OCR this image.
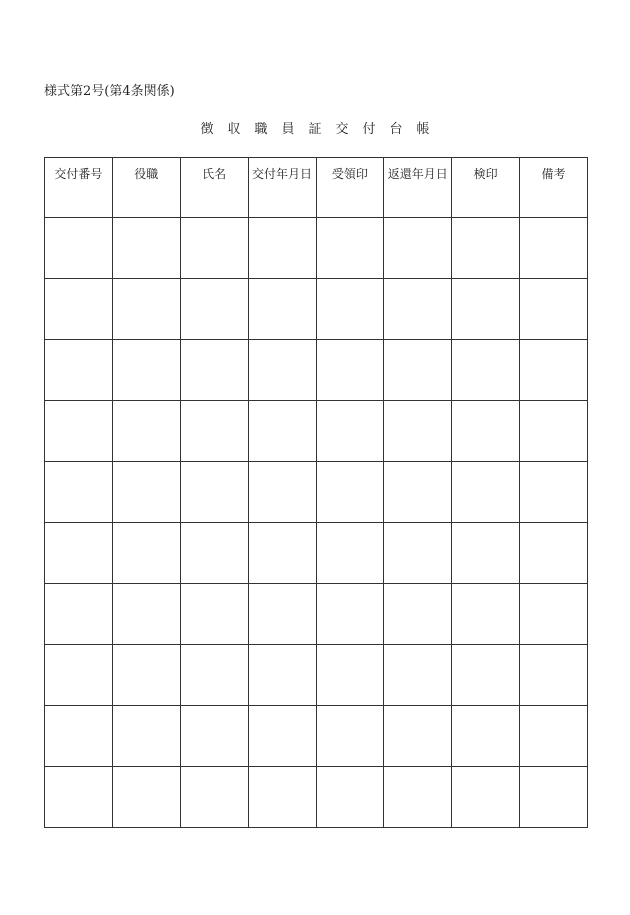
様式第2号(第4条関係)
徴収職員証交付台帳
交付番号	役職	氏名	交付年月日	受領印	返還年月日	検印	備考
